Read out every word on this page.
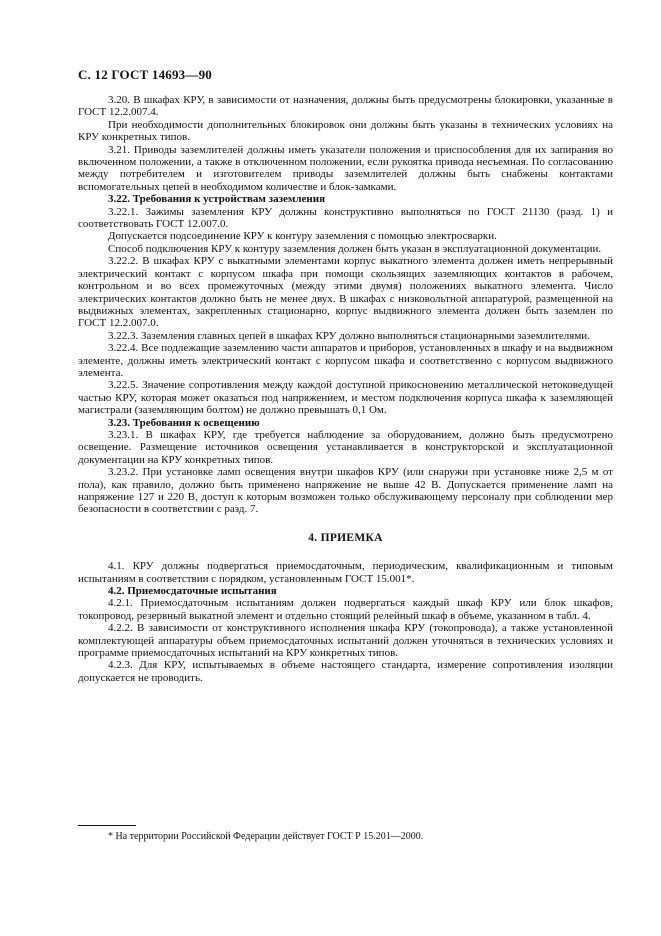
С. 12 ГОСТ 14693—90

3.20. В шкафах КРУ, в зависимости от назначения, должны быть предусмотрены блокировки, указанные в ГОСТ 12.2.007.4.

При необходимости дополнительных блокировок они должны быть указаны в технических условиях на КРУ конкретных типов.

3.21. Приводы заземлителей должны иметь указатели положения и приспособления для их запирания во включенном положении, а также в отключенном положении, если рукоятка привода несъемная. По согласованию между потребителем и изготовителем приводы заземлителей должны быть снабжены контактами вспомогательных цепей в необходимом количестве и блок-замками.

3.22. Требования к устройствам заземления

3.22.1. Зажимы заземления КРУ должны конструктивно выполняться по ГОСТ 21130 (разд. 1) и соответствовать ГОСТ 12.007.0.

Допускается подсоединение КРУ к контуру заземления с помощью электросварки.

Способ подключения КРУ к контуру заземления должен быть указан в эксплуатационной документации.

3.22.2. В шкафах КРУ с выкатными элементами корпус выкатного элемента должен иметь непрерывный электрический контакт с корпусом шкафа при помощи скользящих заземляющих контактов в рабочем, контрольном и во всех промежуточных (между этими двумя) положениях выкатного элемента. Число электрических контактов должно быть не менее двух. В шкафах с низковольтной аппаратурой, размещенной на выдвижных элементах, закрепленных стационарно, корпус выдвижного элемента должен быть заземлен по ГОСТ 12.2.007.0.

3.22.3. Заземления главных цепей в шкафах КРУ должно выполняться стационарными заземлителями.

3.22.4. Все подлежащие заземлению части аппаратов и приборов, установленных в шкафу и на выдвижном элементе, должны иметь электрический контакт с корпусом шкафа и соответственно с корпусом выдвижного элемента.

3.22.5. Значение сопротивления между каждой доступной прикосновению металлической нетоковедущей частью КРУ, которая может оказаться под напряжением, и местом подключения корпуса шкафа к заземляющей магистрали (заземляющим болтом) не должно превышать 0,1 Ом.

3.23. Требования к освещению

3.23.1. В шкафах КРУ, где требуется наблюдение за оборудованием, должно быть предусмотрено освещение. Размещение источников освещения устанавливается в конструкторской и эксплуатационной документации на КРУ конкретных типов.

3.23.2. При установке ламп освещения внутри шкафов КРУ (или снаружи при установке ниже 2,5 м от пола), как правило, должно быть применено напряжение не выше 42 В. Допускается применение ламп на напряжение 127 и 220 В, доступ к которым возможен только обслуживающему персоналу при соблюдении мер безопасности в соответствии с разд. 7.

4. ПРИЕМКА

4.1. КРУ должны подвергаться приемосдаточным, периодическим, квалификационным и типовым испытаниям в соответствии с порядком, установленным ГОСТ 15.001*.

4.2. Приемосдаточные испытания

4.2.1. Приемосдаточным испытаниям должен подвергаться каждый шкаф КРУ или блок шкафов, токопровод, резервный выкатной элемент и отдельно стоящий релейный шкаф в объеме, указанном в табл. 4.

4.2.2. В зависимости от конструктивного исполнения шкафа КРУ (токопровода), а также установленной комплектующей аппаратуры объем приемосдаточных испытаний должен уточняться в технических условиях и программе приемосдаточных испытаний на КРУ конкретных типов.

4.2.3. Для КРУ, испытываемых в объеме настоящего стандарта, измерение сопротивления изоляции допускается не проводить.

* На территории Российской Федерации действует ГОСТ Р 15.201—2000.
